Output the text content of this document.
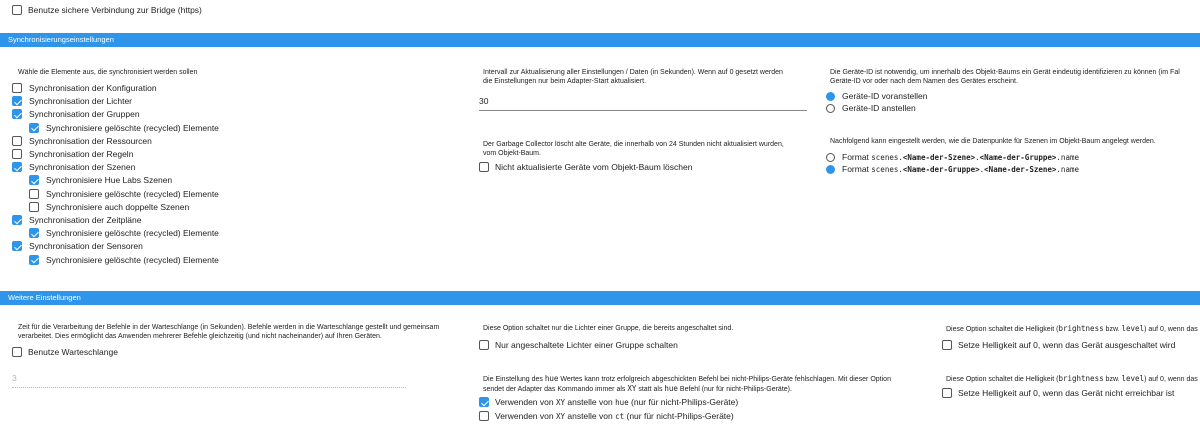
Benutze sichere Verbindung zur Bridge (https)
Synchronisierungseinstellungen
Wähle die Elemente aus, die synchronisiert werden sollen
Synchronisation der Konfiguration
Synchronisation der Lichter
Synchronisation der Gruppen
Synchronisiere gelöschte (recycled) Elemente
Synchronisation der Ressourcen
Synchronisation der Regeln
Synchronisation der Szenen
Synchronisiere Hue Labs Szenen
Synchronisiere gelöschte (recycled) Elemente
Synchronisiere auch doppelte Szenen
Synchronisation der Zeitpläne
Synchronisiere gelöschte (recycled) Elemente
Synchronisation der Sensoren
Synchronisiere gelöschte (recycled) Elemente
Intervall zur Aktualisierung aller Einstellungen / Daten (in Sekunden). Wenn auf 0 gesetzt werden
die Einstellungen nur beim Adapter-Start aktualisiert.
30
Der Garbage Collector löscht alte Geräte, die innerhalb von 24 Stunden nicht aktualisiert wurden,
vom Objekt-Baum.
Nicht aktualisierte Geräte vom Objekt-Baum löschen
Die Geräte-ID ist notwendig, um innerhalb des Objekt-Baums ein Gerät eindeutig identifizieren zu können (im Fal
Geräte-ID vor oder nach dem Namen des Gerätes erscheint.
Geräte-ID voranstellen
Geräte-ID anstellen
Nachfolgend kann eingestellt werden, wie die Datenpunkte für Szenen im Objekt-Baum angelegt werden.
Format scenes.<Name-der-Szene>.<Name-der-Gruppe>.name
Format scenes.<Name-der-Gruppe>.<Name-der-Szene>.name
Weitere Einstellungen
Zeit für die Verarbeitung der Befehle in der Warteschlange (in Sekunden). Befehle werden in die Warteschlange gestellt und gemeinsam
verarbeitet. Dies ermöglicht das Anwenden mehrerer Befehle gleichzeitig (und nicht nacheinander) auf Ihren Geräten.
Benutze Warteschlange
3
Diese Option schaltet nur die Lichter einer Gruppe, die bereits angeschaltet sind.
Nur angeschaltete Lichter einer Gruppe schalten
Die Einstellung des hue Wertes kann trotz erfolgreich abgeschickten Befehl bei nicht-Philips-Geräte fehlschlagen. Mit dieser Option
sendet der Adapter das Kommando immer als XY statt als hue Befehl (nur für nicht-Philips-Geräte).
Verwenden von XY anstelle von hue (nur für nicht-Philips-Geräte)
Verwenden von XY anstelle von ct (nur für nicht-Philips-Geräte)
Diese Option schaltet die Helligkeit (brightness bzw. level) auf 0, wenn das
Setze Helligkeit auf 0, wenn das Gerät ausgeschaltet wird
Diese Option schaltet die Helligkeit (brightness bzw. level) auf 0, wenn das
Setze Helligkeit auf 0, wenn das Gerät nicht erreichbar ist
